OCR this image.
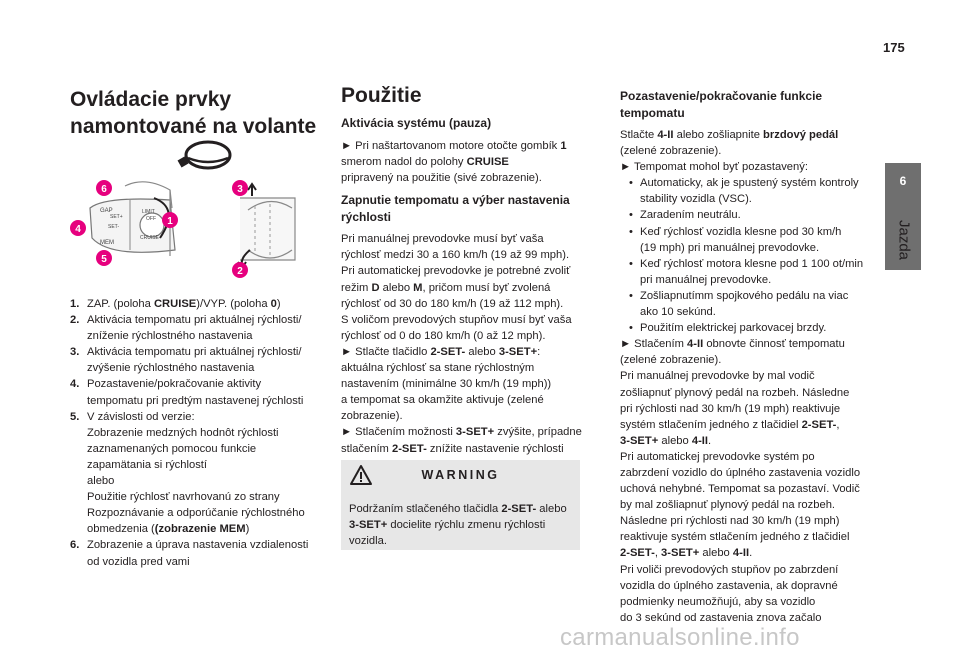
175
6
Jazda
Ovládacie prvky
namontované na volante
GAP
MEM
CRUISE
SET-
SET+
LIMIT
OFF 1
2
3
4
5
6
1. ZAP. (poloha CRUISE)/VYP. (poloha 0)
2. Aktivácia tempomatu pri aktuálnej rýchlosti/
zníženie rýchlostného nastavenia
3. Aktivácia tempomatu pri aktuálnej rýchlosti/
zvýšenie rýchlostného nastavenia
4. Pozastavenie/pokračovanie aktivity
tempomatu pri predtým nastavenej rýchlosti
5. V závislosti od verzie:
Zobrazenie medzných hodnôt rýchlosti
zaznamenaných pomocou funkcie
zapamätania si rýchlostí
alebo
Použitie rýchlosť navrhovanú zo strany
Rozpoznávanie a odporúčanie rýchlostného
obmedzenia ((zobrazenie MEM)
6. Zobrazenie a úprava nastavenia vzdialenosti
od vozidla pred vami
Použitie
Aktivácia systému (pauza)

► Pri naštartovanom motore otočte gombík 1
smerom nadol do polohy CRUISE
pripravený na použitie (sivé zobrazenie).

Zapnutie tempomatu a výber nastavenia
rýchlosti

Pri manuálnej prevodovke musí byť vaša
rýchlosť medzi 30 a 160 km/h (19 až 99 mph).
Pri automatickej prevodovke je potrebné zvoliť
režim D alebo M, pričom musí byť zvolená
rýchlosť od 30 do 180 km/h (19 až 112 mph).
S voličom prevodových stupňov musí byť vaša
rýchlosť od 0 do 180 km/h (0 až 12 mph).
► Stlačte tlačidlo 2-SET- alebo 3-SET+:
aktuálna rýchlosť sa stane rýchlostným
nastavením (minimálne 30 km/h (19 mph))
a tempomat sa okamžite aktivuje (zelené
zobrazenie).
► Stlačením možnosti 3-SET+ zvýšite, prípadne
stlačením 2-SET- znížite nastavenie rýchlosti

WARNING
Podržaním stlačeného tlačidla 2-SET- alebo
3-SET+ docielite rýchlu zmenu rýchlosti
vozidla.
Pozastavenie/pokračovanie funkcie
tempomatu

Stlačte 4-II alebo zošliapnite brzdový pedál
(zelené zobrazenie).

► Tempomat mohol byť pozastavený:

• Automaticky, ak je spustený systém kontroly
stability vozidla (VSC).
• Zaradením neutrálu.
• Keď rýchlosť vozidla klesne pod 30 km/h
(19 mph) pri manuálnej prevodovke.
• Keď rýchlosť motora klesne pod 1 100 ot/min
pri manuálnej prevodovke.
• Zošliapnutímm spojkového pedálu na viac
ako 10 sekúnd.
• Použitím elektrickej parkovacej brzdy.

► Stlačením 4-II obnovte činnosť tempomatu
(zelené zobrazenie).

Pri manuálnej prevodovke by mal vodič
zošliapnuť plynový pedál na rozbeh. Následne
pri rýchlosti nad 30 km/h (19 mph) reaktivuje
systém stlačením jedného z tlačidiel 2-SET-,
3-SET+ alebo 4-II.

Pri automatickej prevodovke systém po
zabrzdení vozidlo do úplného zastavenia vozidlo
uchová nehybné. Tempomat sa pozastaví. Vodič
by mal zošliapnuť plynový pedál na rozbeh.
Následne pri rýchlosti nad 30 km/h (19 mph)
reaktivuje systém stlačením jedného z tlačidiel
2-SET-, 3-SET+ alebo 4-II.

Pri voliči prevodových stupňov po zabrzdení
vozidla do úplného zastavenia, ak dopravné
podmienky neumožňujú, aby sa vozidlo
do 3 sekúnd od zastavenia znova začalo

carmanualsonline.info
